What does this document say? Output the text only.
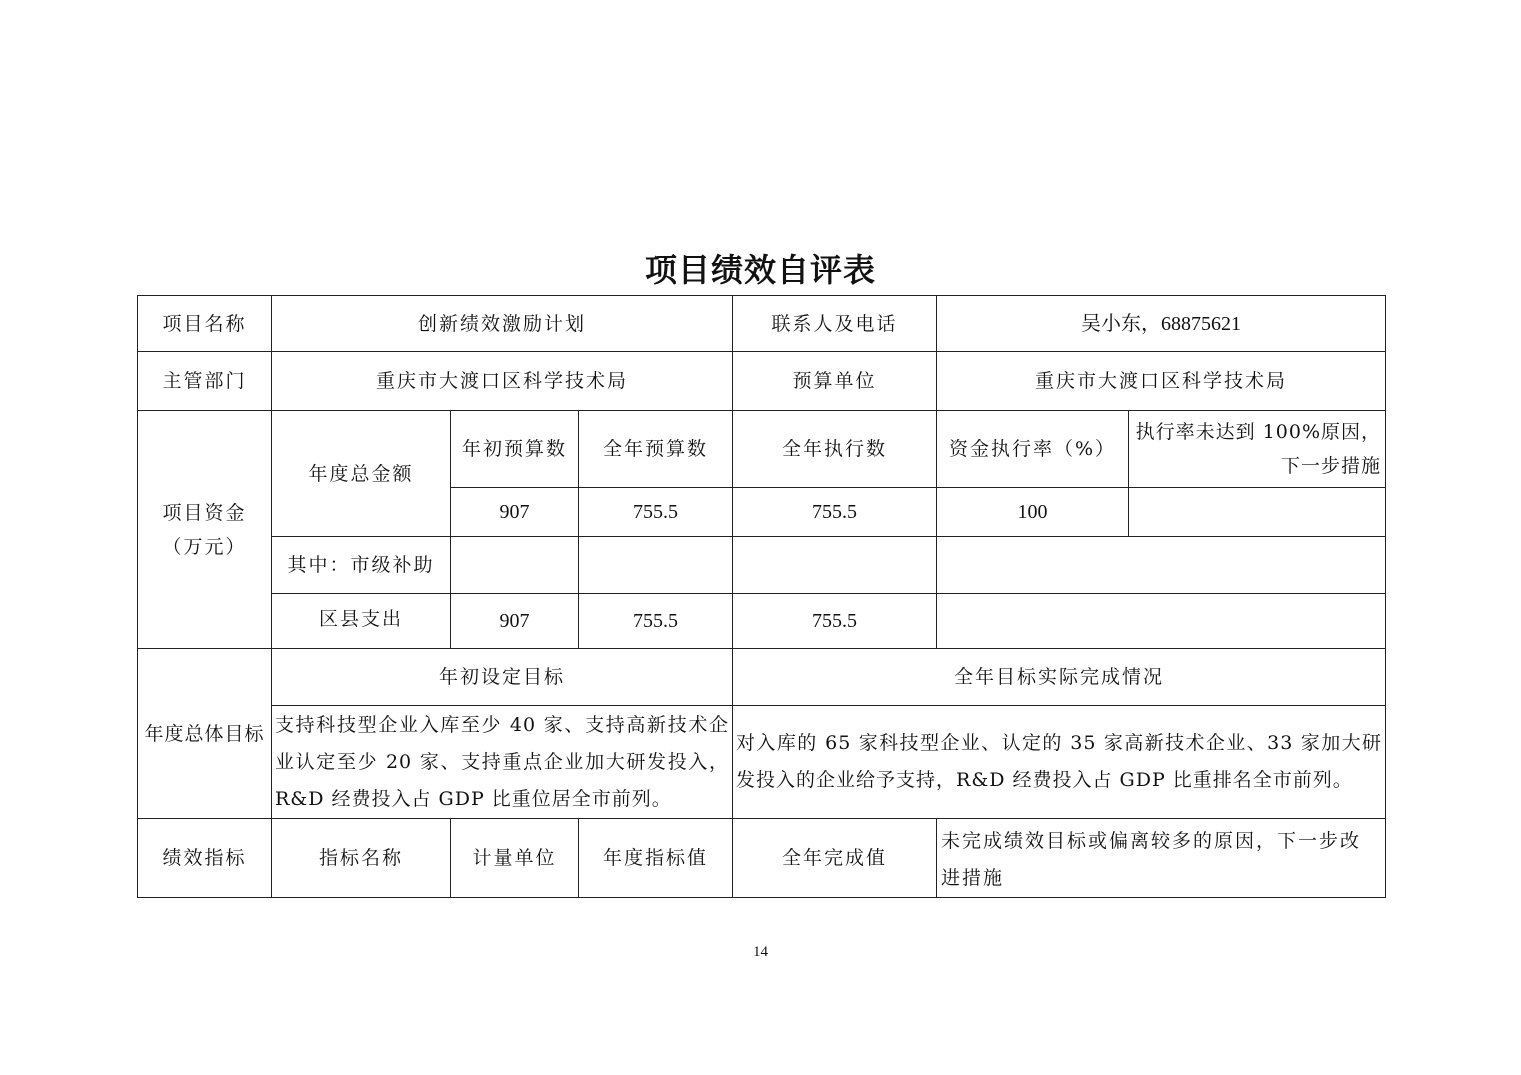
项目绩效自评表
项目名称	创新绩效激励计划			联系人及电话	吴小东，68875621	
主管部门	重庆市大渡口区科学技术局			预算单位	重庆市大渡口区科学技术局	
项目资金
（万元）	年度总金额	年初预算数	全年预算数	全年执行数	资金执行率（%）	执行率未达到 100%原因，下一步措施
		907	755.5	755.5	100	
	其中：市级补助					
	区县支出	907	755.5	755.5		
年度总体目标	年初设定目标			全年目标实际完成情况		
	支持科技型企业入库至少 40 家、支持高新技术企业认定至少 20 家、支持重点企业加大研发投入，R&D 经费投入占 GDP 比重位居全市前列。			对入库的 65 家科技型企业、认定的 35 家高新技术企业、33 家加大研发投入的企业给予支持，R&D 经费投入占 GDP 比重排名全市前列。		
绩效指标	指标名称	计量单位	年度指标值	全年完成值	未完成绩效目标或偏离较多的原因，下一步改进措施	
14
